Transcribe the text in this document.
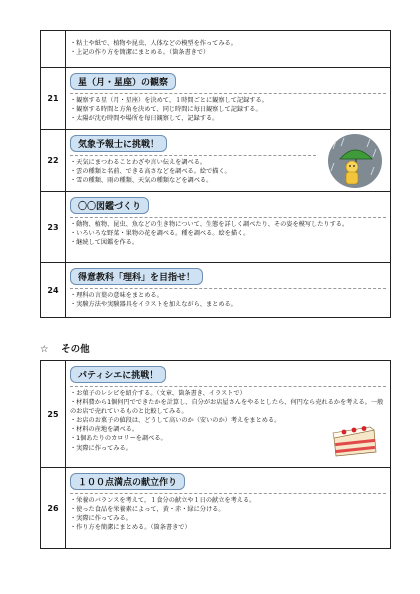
・粘土や紙で、植物や昆虫、人体などの模型を作ってみる。
・上記の作り方を簡潔にまとめる。（箇条書きで）
21
星（月・星座）の観察
・観察する星（月・星座）を決めて、１時間ごとに観察して記録する。
・観察する時間と方角を決めて、同じ時間に毎日観察して記録する。
・太陽が沈む時間や場所を毎日観察して、記録する。
22
気象予報士に挑戦！
・天気にまつわることわざや言い伝えを調べる。
・雲の種類と名前、できる高さなどを調べる。絵で描く。
・雪の種類、雨の種類、天気の種類などを調べる。
23
〇〇図鑑づくり
・動物、植物、昆虫、魚などの生き物について、生態を詳しく調べたり、その姿を模写したりする。
・いろいろな野菜・果物の花を調べる。種を調べる。絵を描く。
・継続して図鑑を作る。
24
得意教科「理科」を目指せ！
・理科の言葉の意味をまとめる。
・実験方法や実験器具をイラストを加えながら、まとめる。
☆ その他
25
パティシエに挑戦！
・お菓子のレシピを紹介する。（文章、箇条書き、イラストで）
・材料費から1個何円でできたかを計算し、自分がお店屋さんをやるとしたら、何円なら売れるかを考える。一般のお店で売れているものと比較してみる。
・お店のお菓子の値段は、どうして高いのか（安いのか）考えをまとめる。
・材料の産地を調べる。
・1個あたりのカロリーを調べる。
・実際に作ってみる。
26
１００点満点の献立作り
・栄養のバランスを考えて，１食分の献立や１日の献立を考える。
・使った食品を栄養素によって，黄・赤・緑に分ける。
・実際に作ってみる。
・作り方を簡潔にまとめる。（箇条書きで）
